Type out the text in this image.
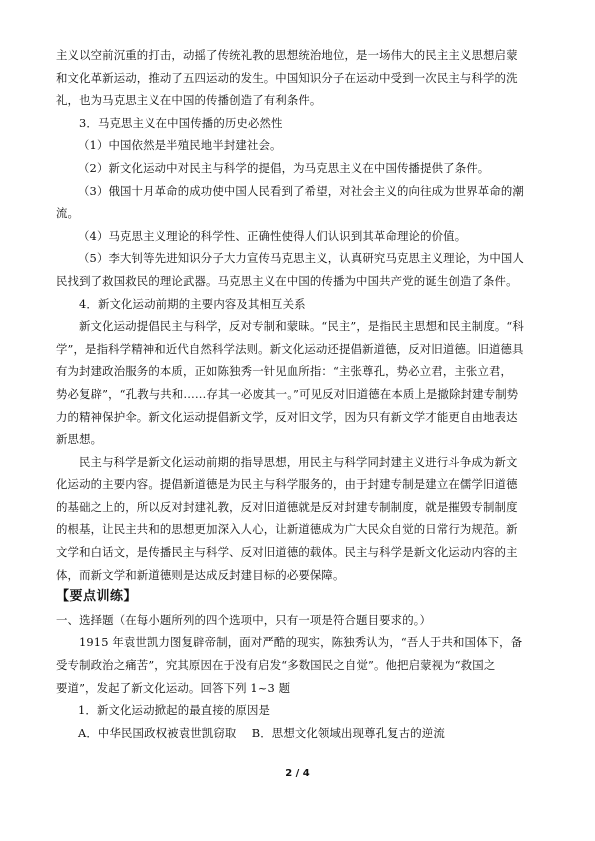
主义以空前沉重的打击，动摇了传统礼教的思想统治地位，是一场伟大的民主主义思想启蒙
和文化革新运动，推动了五四运动的发生。中国知识分子在运动中受到一次民主与科学的洗
礼，也为马克思主义在中国的传播创造了有利条件。
3．马克思主义在中国传播的历史必然性
（1）中国依然是半殖民地半封建社会。
（2）新文化运动中对民主与科学的提倡，为马克思主义在中国传播提供了条件。
（3）俄国十月革命的成功使中国人民看到了希望，对社会主义的向往成为世界革命的潮
流。
（4）马克思主义理论的科学性、正确性使得人们认识到其革命理论的价值。
（5）李大钊等先进知识分子大力宣传马克思主义，认真研究马克思主义理论，为中国人
民找到了救国救民的理论武器。马克思主义在中国的传播为中国共产党的诞生创造了条件。
4．新文化运动前期的主要内容及其相互关系
新文化运动提倡民主与科学，反对专制和蒙昧。“民主”，是指民主思想和民主制度。“科
学”，是指科学精神和近代自然科学法则。新文化运动还提倡新道德，反对旧道德。旧道德具
有为封建政治服务的本质，正如陈独秀一针见血所指：“主张尊孔，势必立君，主张立君，
势必复辟”，“孔教与共和……存其一必废其一。”可见反对旧道德在本质上是撤除封建专制势
力的精神保护伞。新文化运动提倡新文学，反对旧文学，因为只有新文学才能更自由地表达
新思想。
民主与科学是新文化运动前期的指导思想，用民主与科学同封建主义进行斗争成为新文
化运动的主要内容。提倡新道德是为民主与科学服务的，由于封建专制是建立在儒学旧道德
的基础之上的，所以反对封建礼教，反对旧道德就是反对封建专制制度，就是摧毁专制制度
的根基，让民主共和的思想更加深入人心，让新道德成为广大民众自觉的日常行为规范。新
文学和白话文，是传播民主与科学、反对旧道德的载体。民主与科学是新文化运动内容的主
体，而新文学和新道德则是达成反封建目标的必要保障。
【要点训练】
一、选择题（在每小题所列的四个选项中，只有一项是符合题目要求的。）
1915 年袁世凯力图复辟帝制，面对严酷的现实，陈独秀认为，“吾人于共和国体下，备
受专制政治之痛苦”，究其原因在于没有启发“多数国民之自觉”。他把启蒙视为“救国之
要道”，发起了新文化运动。回答下列 1~3 题
1．新文化运动掀起的最直接的原因是
A．中华民国政权被袁世凯窃取　 B．思想文化领域出现尊孔复古的逆流
2 / 4
